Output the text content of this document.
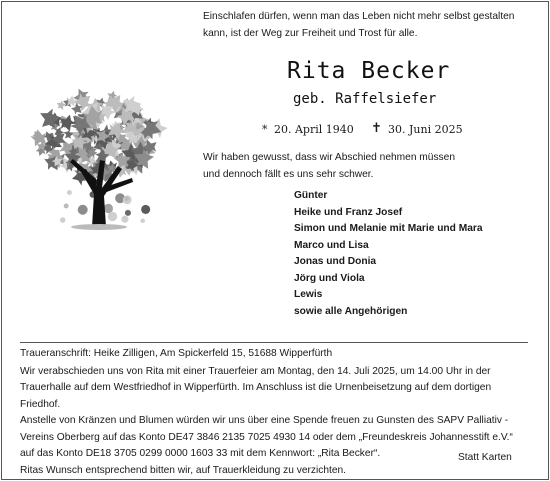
Einschlafen dürfen, wenn man das Leben nicht mehr selbst gestalten
kann, ist der Weg zur Freiheit und Trost für alle.
Rita Becker
geb. Raffelsiefer
* 20. April 1940 ✝ 30. Juni 2025
Wir haben gewusst, dass wir Abschied nehmen müssen
und dennoch fällt es uns sehr schwer.
Günter
Heike und Franz Josef
Simon und Melanie mit Marie und Mara
Marco und Lisa
Jonas und Donia
Jörg und Viola
Lewis
sowie alle Angehörigen
Traueranschrift: Heike Zilligen, Am Spickerfeld 15, 51688 Wipperfürth
Wir verabschieden uns von Rita mit einer Trauerfeier am Montag, den 14. Juli 2025, um 14.00 Uhr in der
Trauerhalle auf dem Westfriedhof in Wipperfürth. Im Anschluss ist die Urnenbeisetzung auf dem dortigen
Friedhof.
Anstelle von Kränzen und Blumen würden wir uns über eine Spende freuen zu Gunsten des SAPV Palliativ -
Vereins Oberberg auf das Konto DE47 3846 2135 7025 4930 14 oder dem „Freundeskreis Johannesstift e.V.“
auf das Konto DE18 3705 0299 0000 1603 33 mit dem Kennwort: „Rita Becker“.
Ritas Wunsch entsprechend bitten wir, auf Trauerkleidung zu verzichten.
Statt Karten
